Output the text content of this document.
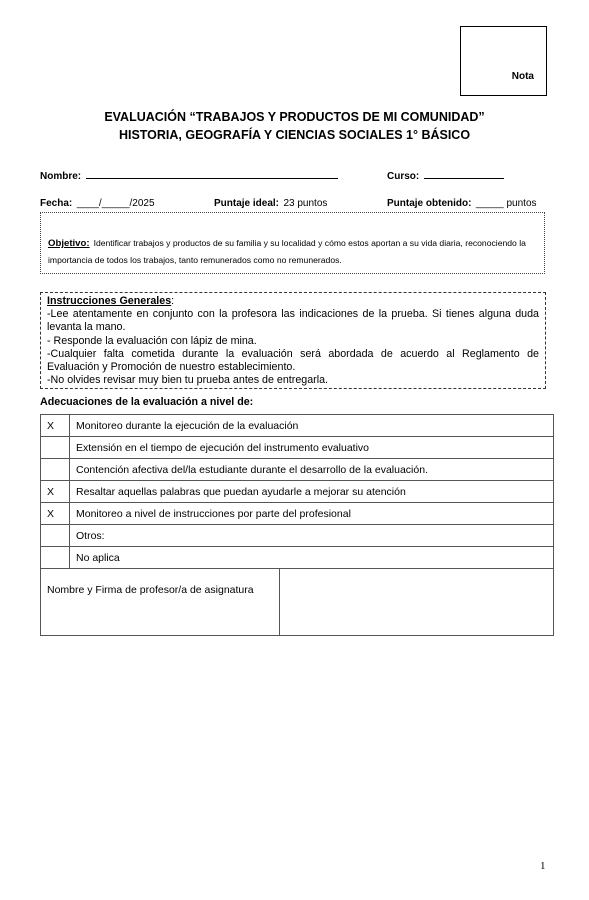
Nota
EVALUACIÓN “TRABAJOS Y PRODUCTOS DE MI COMUNIDAD”
HISTORIA, GEOGRAFÍA Y CIENCIAS SOCIALES 1° BÁSICO
Nombre:	Curso:
Fecha: ____/_____/2025	Puntaje ideal: 23 puntos	Puntaje obtenido: _____ puntos
Objetivo: Identificar trabajos y productos de su familia y su localidad y cómo estos aportan a su vida diaria, reconociendo la importancia de todos los trabajos, tanto remunerados como no remunerados.
Instrucciones Generales:
-Lee atentamente en conjunto con la profesora las indicaciones de la prueba. Si tienes alguna duda levanta la mano.
- Responde la evaluación con lápiz de mina.
-Cualquier falta cometida durante la evaluación será abordada de acuerdo al Reglamento de Evaluación y Promoción de nuestro establecimiento.
-No olvides revisar muy bien tu prueba antes de entregarla.
Adecuaciones de la evaluación a nivel de:
X	Monitoreo durante la ejecución de la evaluación
	Extensión en el tiempo de ejecución del instrumento evaluativo
	Contención afectiva del/la estudiante durante el desarrollo de la evaluación.
X	Resaltar aquellas palabras que puedan ayudarle a mejorar su atención
X	Monitoreo a nivel de instrucciones por parte del profesional
	Otros:
	No aplica
Nombre y Firma de profesor/a de asignatura
1
